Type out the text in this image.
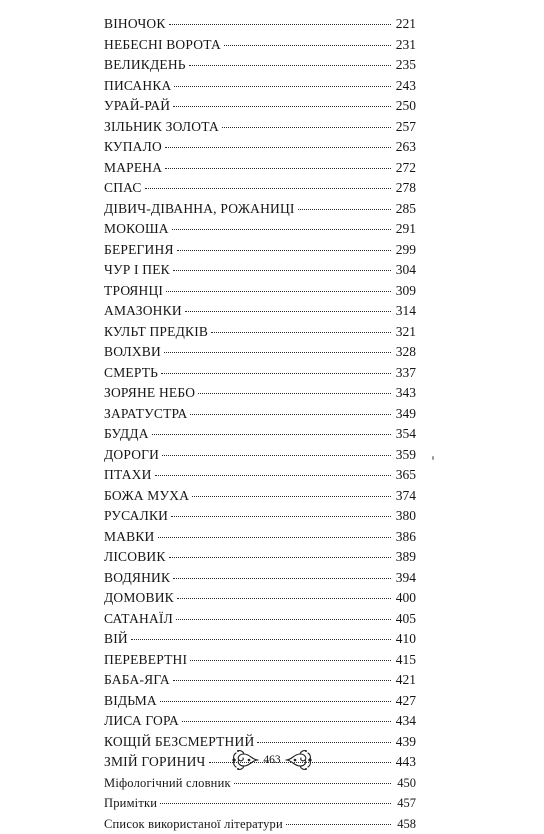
ВІНОЧОК	221
НЕБЕСНІ ВОРОТА	231
ВЕЛИКДЕНЬ	235
ПИСАНКА	243
УРАЙ-РАЙ	250
ЗІЛЬНИК ЗОЛОТА	257
КУПАЛО	263
МАРЕНА	272
СПАС	278
ДІВИЧ-ДІВАННА, РОЖАНИЦІ	285
МОКОША	291
БЕРЕГИНЯ	299
ЧУР І ПЕК	304
ТРОЯНЦІ	309
АМАЗОНКИ	314
КУЛЬТ ПРЕДКІВ	321
ВОЛХВИ	328
СМЕРТЬ	337
ЗОРЯНЕ НЕБО	343
ЗАРАТУСТРА	349
БУДДА	354
ДОРОГИ	359
ПТАХИ	365
БОЖА МУХА	374
РУСАЛКИ	380
МАВКИ	386
ЛІСОВИК	389
ВОДЯНИК	394
ДОМОВИК	400
САТАНАЇЛ	405
ВІЙ	410
ПЕРЕВЕРТНІ	415
БАБА-ЯГА	421
ВІДЬМА	427
ЛИСА ГОРА	434
КОЩІЙ БЕЗСМЕРТНИЙ	439
ЗМІЙ ГОРИНИЧ	443
Міфологічний словник	450
Примітки	457
Список використаної літератури	458
463
